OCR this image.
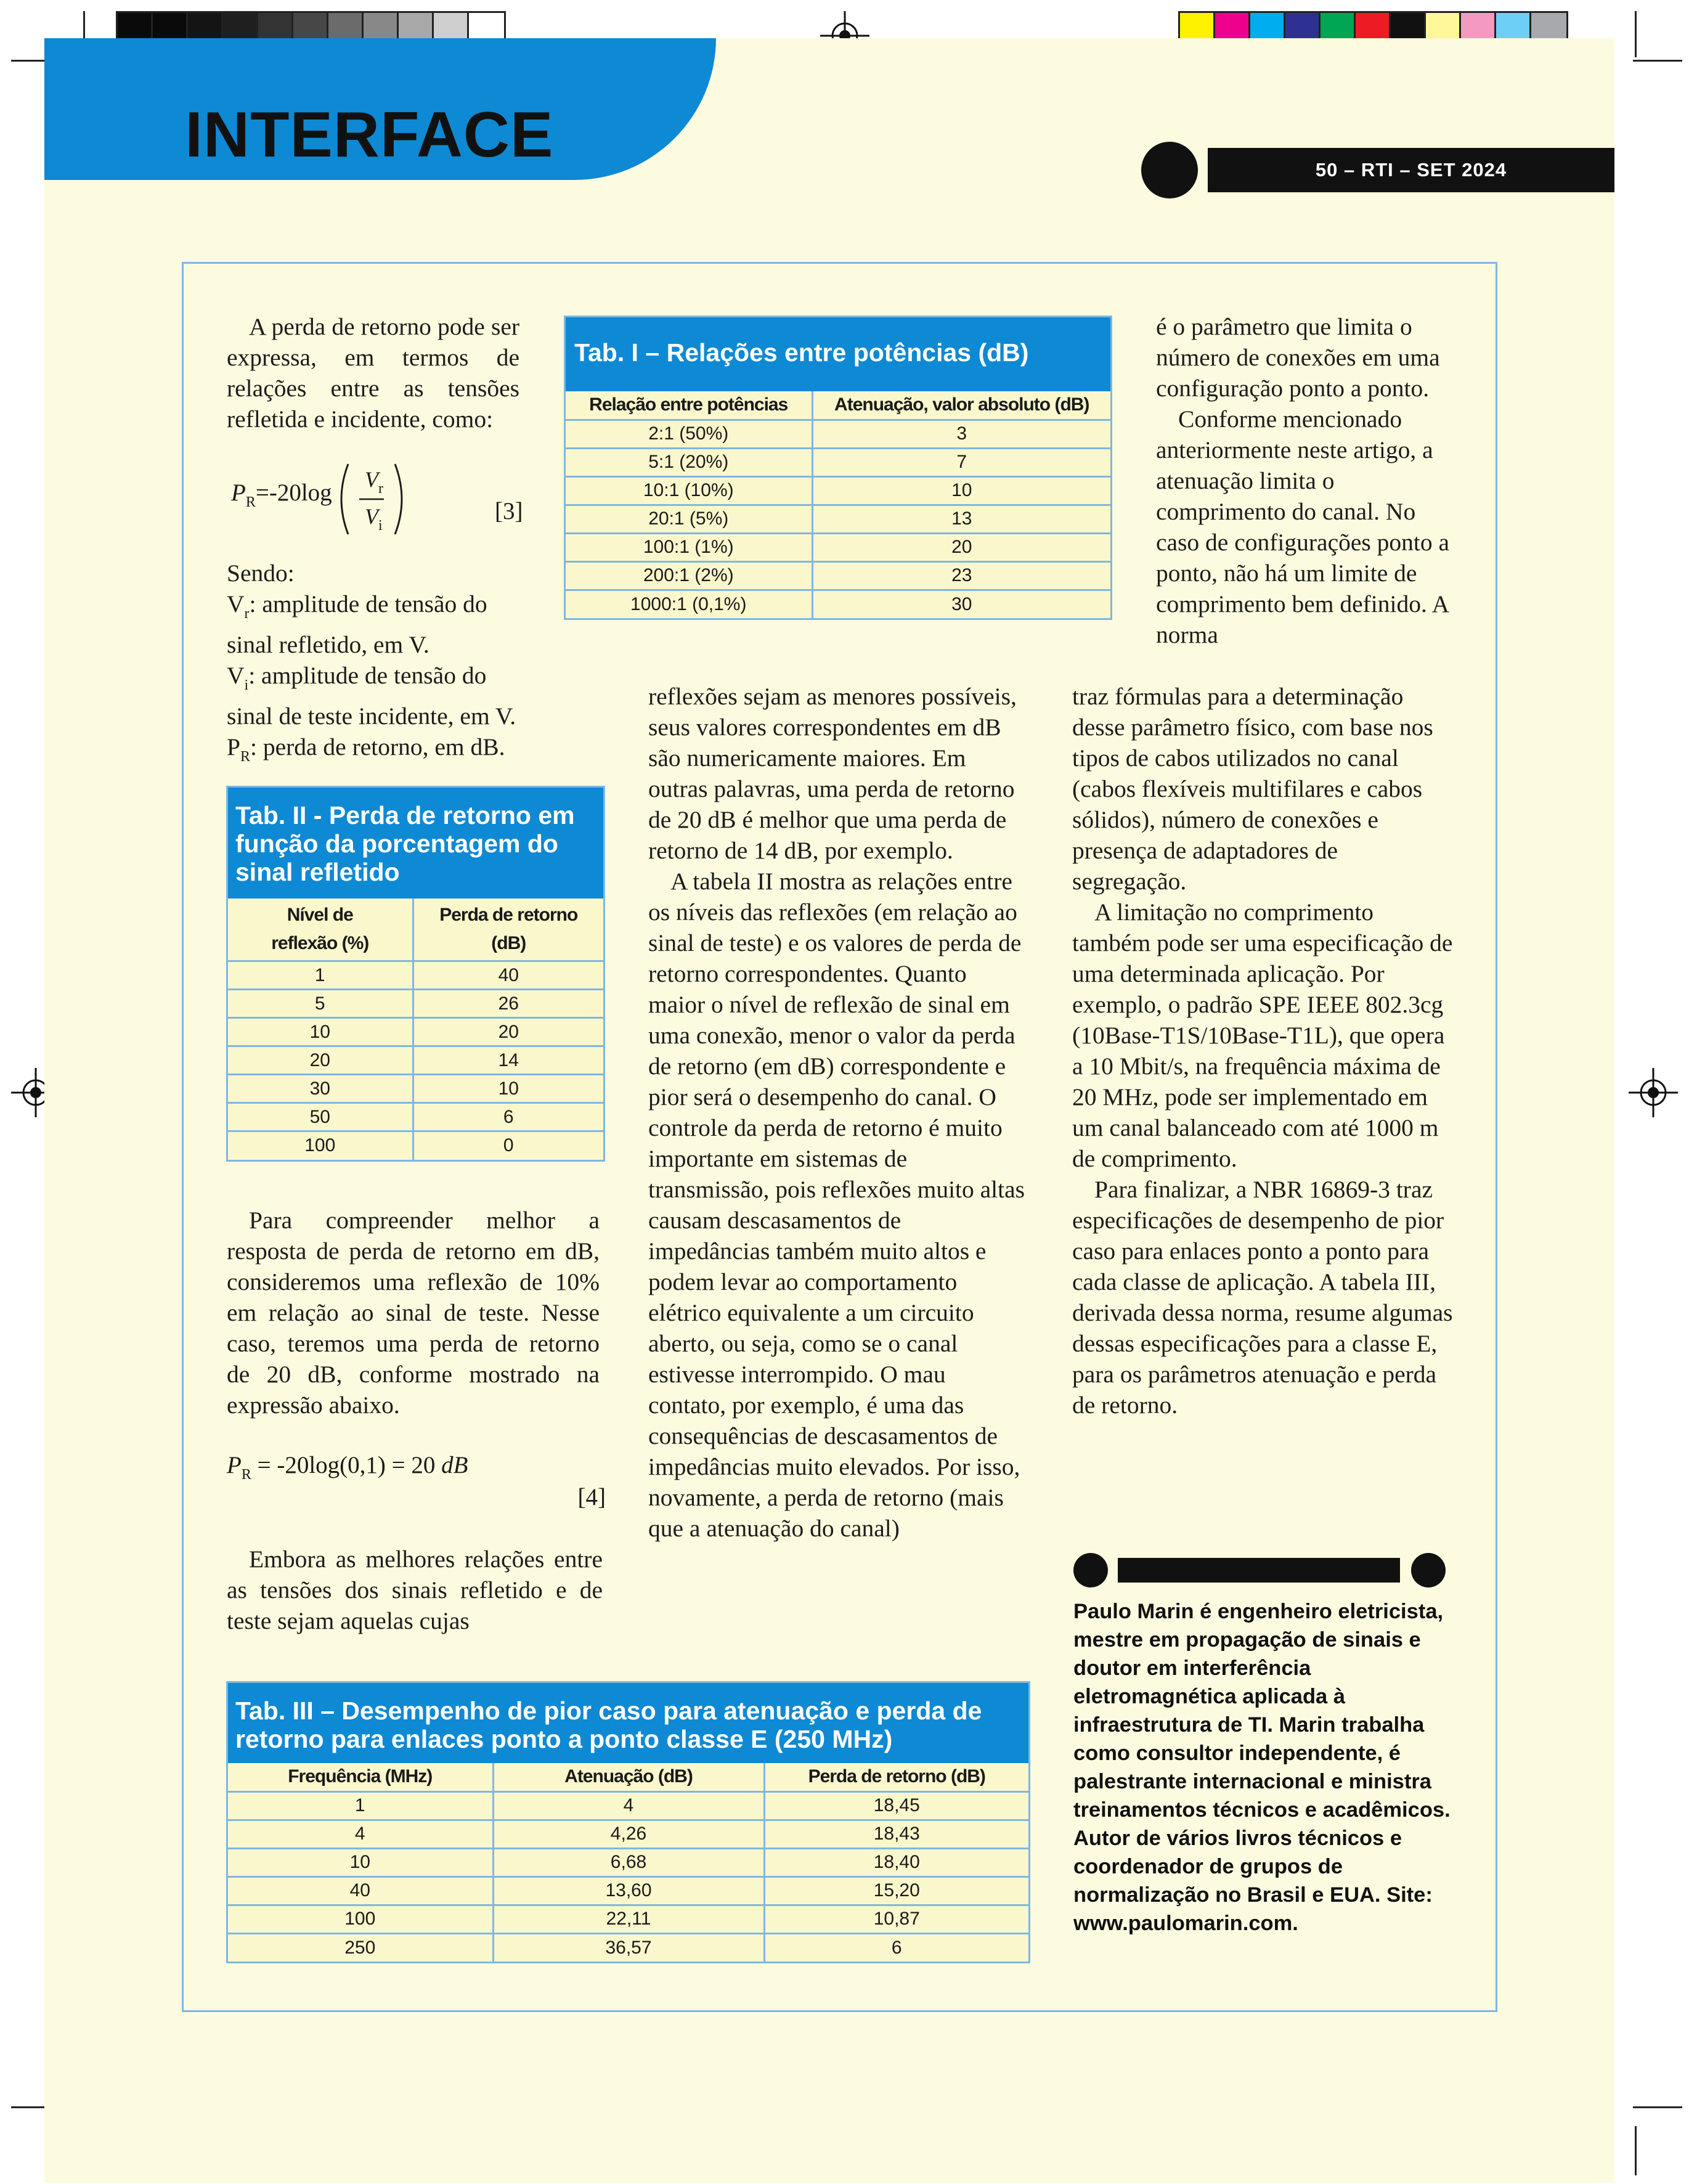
INTERFACE	50 – RTI – SET 2024

A perda de retorno pode ser expressa, em termos de relações entre as tensões refletida e incidente, como:

$P_R=-20\log$ $V_r$
$V_i$
[3]

Sendo:

$V_r$: amplitude de tensão do sinal refletido, em V.

$V_i$: amplitude de tensão do sinal de teste incidente, em V.

$P_R$: perda de retorno, em dB.

Tab. II - Perda de retorno em função da porcentagem do sinal refletido
Nível de reflexão (%)	Perda de retorno (dB)
1	40
5	26
10	20
20	14
30	10
50	6
100	0

Para compreender melhor a resposta de perda de retorno em dB, consideremos uma reflexão de 10% em relação ao sinal de teste. Nesse caso, teremos uma perda de retorno de 20 dB, conforme mostrado na expressão abaixo.

$P_R = -20\log(0,1) = 20$ dB
[4]

Embora as melhores relações entre as tensões dos sinais refletido e de teste sejam aquelas cujas

Tab. I – Relações entre potências (dB)
Relação entre potências	Atenuação, valor absoluto (dB)
2:1 (50%)	3
5:1 (20%)	7
10:1 (10%)	10
20:1 (5%)	13
100:1 (1%)	20
200:1 (2%)	23
1000:1 (0,1%)	30

reflexões sejam as menores possíveis, seus valores correspondentes em dB são numericamente maiores. Em outras palavras, uma perda de retorno de 20 dB é melhor que uma perda de retorno de 14 dB, por exemplo.

A tabela II mostra as relações entre os níveis das reflexões (em relação ao sinal de teste) e os valores de perda de retorno correspondentes. Quanto maior o nível de reflexão de sinal em uma conexão, menor o valor da perda de retorno (em dB) correspondente e pior será o desempenho do canal. O controle da perda de retorno é muito importante em sistemas de transmissão, pois reflexões muito altas causam descasamentos de impedâncias também muito altos e podem levar ao comportamento elétrico equivalente a um circuito aberto, ou seja, como se o canal estivesse interrompido. O mau contato, por exemplo, é uma das consequências de descasamentos de impedâncias muito elevados. Por isso, novamente, a perda de retorno (mais que a atenuação do canal)

é o parâmetro que limita o número de conexões em uma configuração ponto a ponto.

Conforme mencionado anteriormente neste artigo, a atenuação limita o comprimento do canal. No caso de configurações ponto a ponto, não há um limite de comprimento bem definido. A norma

traz fórmulas para a determinação desse parâmetro físico, com base nos tipos de cabos utilizados no canal (cabos flexíveis multifilares e cabos sólidos), número de conexões e presença de adaptadores de segregação.

A limitação no comprimento também pode ser uma especificação de uma determinada aplicação. Por exemplo, o padrão SPE IEEE 802.3cg (10Base-T1S/10Base-T1L), que opera a 10 Mbit/s, na frequência máxima de 20 MHz, pode ser implementado em um canal balanceado com até 1000 m de comprimento.

Para finalizar, a NBR 16869-3 traz especificações de desempenho de pior caso para enlaces ponto a ponto para cada classe de aplicação. A tabela III, derivada dessa norma, resume algumas dessas especificações para a classe E, para os parâmetros atenuação e perda de retorno.

Tab. III – Desempenho de pior caso para atenuação e perda de retorno para enlaces ponto a ponto classe E (250 MHz)
Frequência (MHz)	Atenuação (dB)	Perda de retorno (dB)
1	4	18,45
4	4,26	18,43
10	6,68	18,40
40	13,60	15,20
100	22,11	10,87
250	36,57	6
Paulo Marin é engenheiro eletricista, mestre em propagação de sinais e doutor em interferência eletromagnética aplicada à infraestrutura de TI. Marin trabalha como consultor independente, é palestrante internacional e ministra treinamentos técnicos e acadêmicos. Autor de vários livros técnicos e coordenador de grupos de normalização no Brasil e EUA. Site: www.paulomarin.com.
